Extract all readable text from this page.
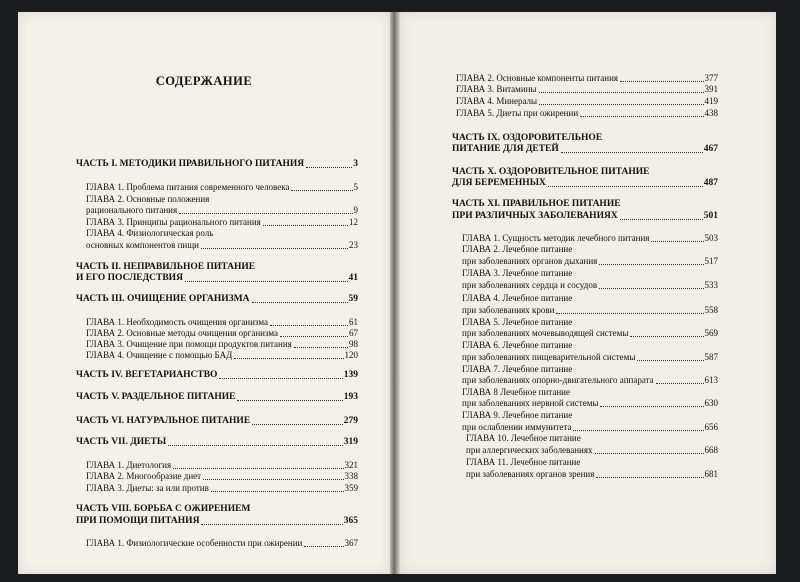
СОДЕРЖАНИЕ
ЧАСТЬ I. МЕТОДИКИ ПРАВИЛЬНОГО ПИТАНИЯ	3
ГЛАВА 1. Проблема питания современного человека	5
ГЛАВА 2. Основные положения
рационального питания	9
ГЛАВА 3. Принципы рационального питания	12
ГЛАВА 4. Физиологическая роль
основных компонентов пищи	23
ЧАСТЬ II. НЕПРАВИЛЬНОЕ ПИТАНИЕ
И ЕГО ПОСЛЕДСТВИЯ	41
ЧАСТЬ III. ОЧИЩЕНИЕ ОРГАНИЗМА	59
ГЛАВА 1. Необходимость очищения организма	61
ГЛАВА 2. Основные методы очищения организма	67
ГЛАВА 3. Очищение при помощи продуктов питания	98
ГЛАВА 4. Очищение с помощью БАД	120
ЧАСТЬ IV. ВЕГЕТАРИАНСТВО	139
ЧАСТЬ V. РАЗДЕЛЬНОЕ ПИТАНИЕ	193
ЧАСТЬ VI. НАТУРАЛЬНОЕ ПИТАНИЕ	279
ЧАСТЬ VII. ДИЕТЫ	319
ГЛАВА 1. Диетология	321
ГЛАВА 2. Многообразие диет	338
ГЛАВА 3. Диеты: за или против	359
ЧАСТЬ VIII. БОРЬБА С ОЖИРЕНИЕМ
ПРИ ПОМОЩИ ПИТАНИЯ	365
ГЛАВА 1. Физиологические особенности при ожирении	367
ГЛАВА 2. Основные компоненты питания	377
ГЛАВА 3. Витамины	391
ГЛАВА 4. Минералы	419
ГЛАВА 5. Диеты при ожирении	438
ЧАСТЬ IX. ОЗДОРОВИТЕЛЬНОЕ
ПИТАНИЕ ДЛЯ ДЕТЕЙ	467
ЧАСТЬ X. ОЗДОРОВИТЕЛЬНОЕ ПИТАНИЕ
ДЛЯ БЕРЕМЕННЫХ	487
ЧАСТЬ XI. ПРАВИЛЬНОЕ ПИТАНИЕ
ПРИ РАЗЛИЧНЫХ ЗАБОЛЕВАНИЯХ	501
ГЛАВА 1. Сущность методик лечебного питания	503
ГЛАВА 2. Лечебное питание
при заболеваниях органов дыхания	517
ГЛАВА 3. Лечебное питание
при заболеваниях сердца и сосудов	533
ГЛАВА 4. Лечебное питание
при заболеваниях крови	558
ГЛАВА 5. Лечебное питание
при заболеваниях мочевыводящей системы	569
ГЛАВА 6. Лечебное питание
при заболеваниях пищеварительной системы	587
ГЛАВА 7. Лечебное питание
при заболеваниях опорно-двигательного аппарата	613
ГЛАВА 8 Лечебное питание
при заболеваниях нервной системы	630
ГЛАВА 9. Лечебное питание
при ослаблении иммунитета	656
ГЛАВА 10. Лечебное питание
при аллергических заболеваниях	668
ГЛАВА 11. Лечебное питание
при заболеваниях органов зрения	681
